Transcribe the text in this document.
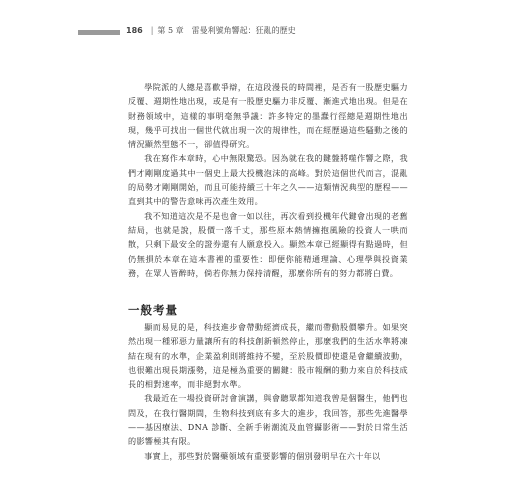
186 | 第 5 章　雷曼利號角響起：狂亂的歷史

學院派的人總是喜歡爭辯，在這段漫長的時間裡，是否有一股歷史驅力反覆、週期性地出現，或是有一股歷史驅力非反覆、漸進式地出現。但是在財務領域中，這樣的事明毫無爭議：許多特定的墨蠢行徑總是週期性地出現，幾乎可找出一個世代就出現一次的規律性，而在經歷過這些騷動之後的情況顯然型態不一，卻值得研究。

我在寫作本章時，心中無限驚恐。因為就在我的鍵盤將噬作響之際，我們才剛剛度過其中一個史上最大投機泡沫的高峰。對於這個世代而言，混亂的局勢才剛剛開始，而且可能持續三十年之久——這類情況典型的歷程——直到其中的警告意味再次產生效用。

我不知道這次是不是也會一如以往，再次看到投機年代鍵會出現的老舊結局，也就是說，股價一落千丈，那些原本熱情擁抱風險的投資人一哄而散，只剩下最安全的證券還有人願意投入。顯然本章已經顯得有點過時，但仍無損於本章在這本書裡的重要性：即便你能精通理論、心理學與投資業務，在眾人皆醉時，倘若你無力保持清醒，那麼你所有的努力都將白費。

一般考量

顯而易見的是，科技進步會帶動經濟成長，繼而帶動股價攀升。如果突然出現一種邪惡力量讓所有的科技創新頓然停止，那麼我們的生活水準將凍結在現有的水準，企業盈利則將維持不變，至於股價即使還是會繼續波動，也很難出現長期漲勢，這是極為重要的關鍵：股市報酬的動力來自於科技成長的相對速率，而非絕對水準。

我最近在一場投資研討會演講，與會聽眾都知道我曾是個醫生，他們也問及，在我行醫期間，生物科技到底有多大的進步，我回答，那些先進醫學——基因療法、DNA 診斷、全新手術潮流及血管攝影術——對於日常生活的影響極其有限。

事實上，那些對於醫藥領域有重要影響的個別發明早在六十年以
